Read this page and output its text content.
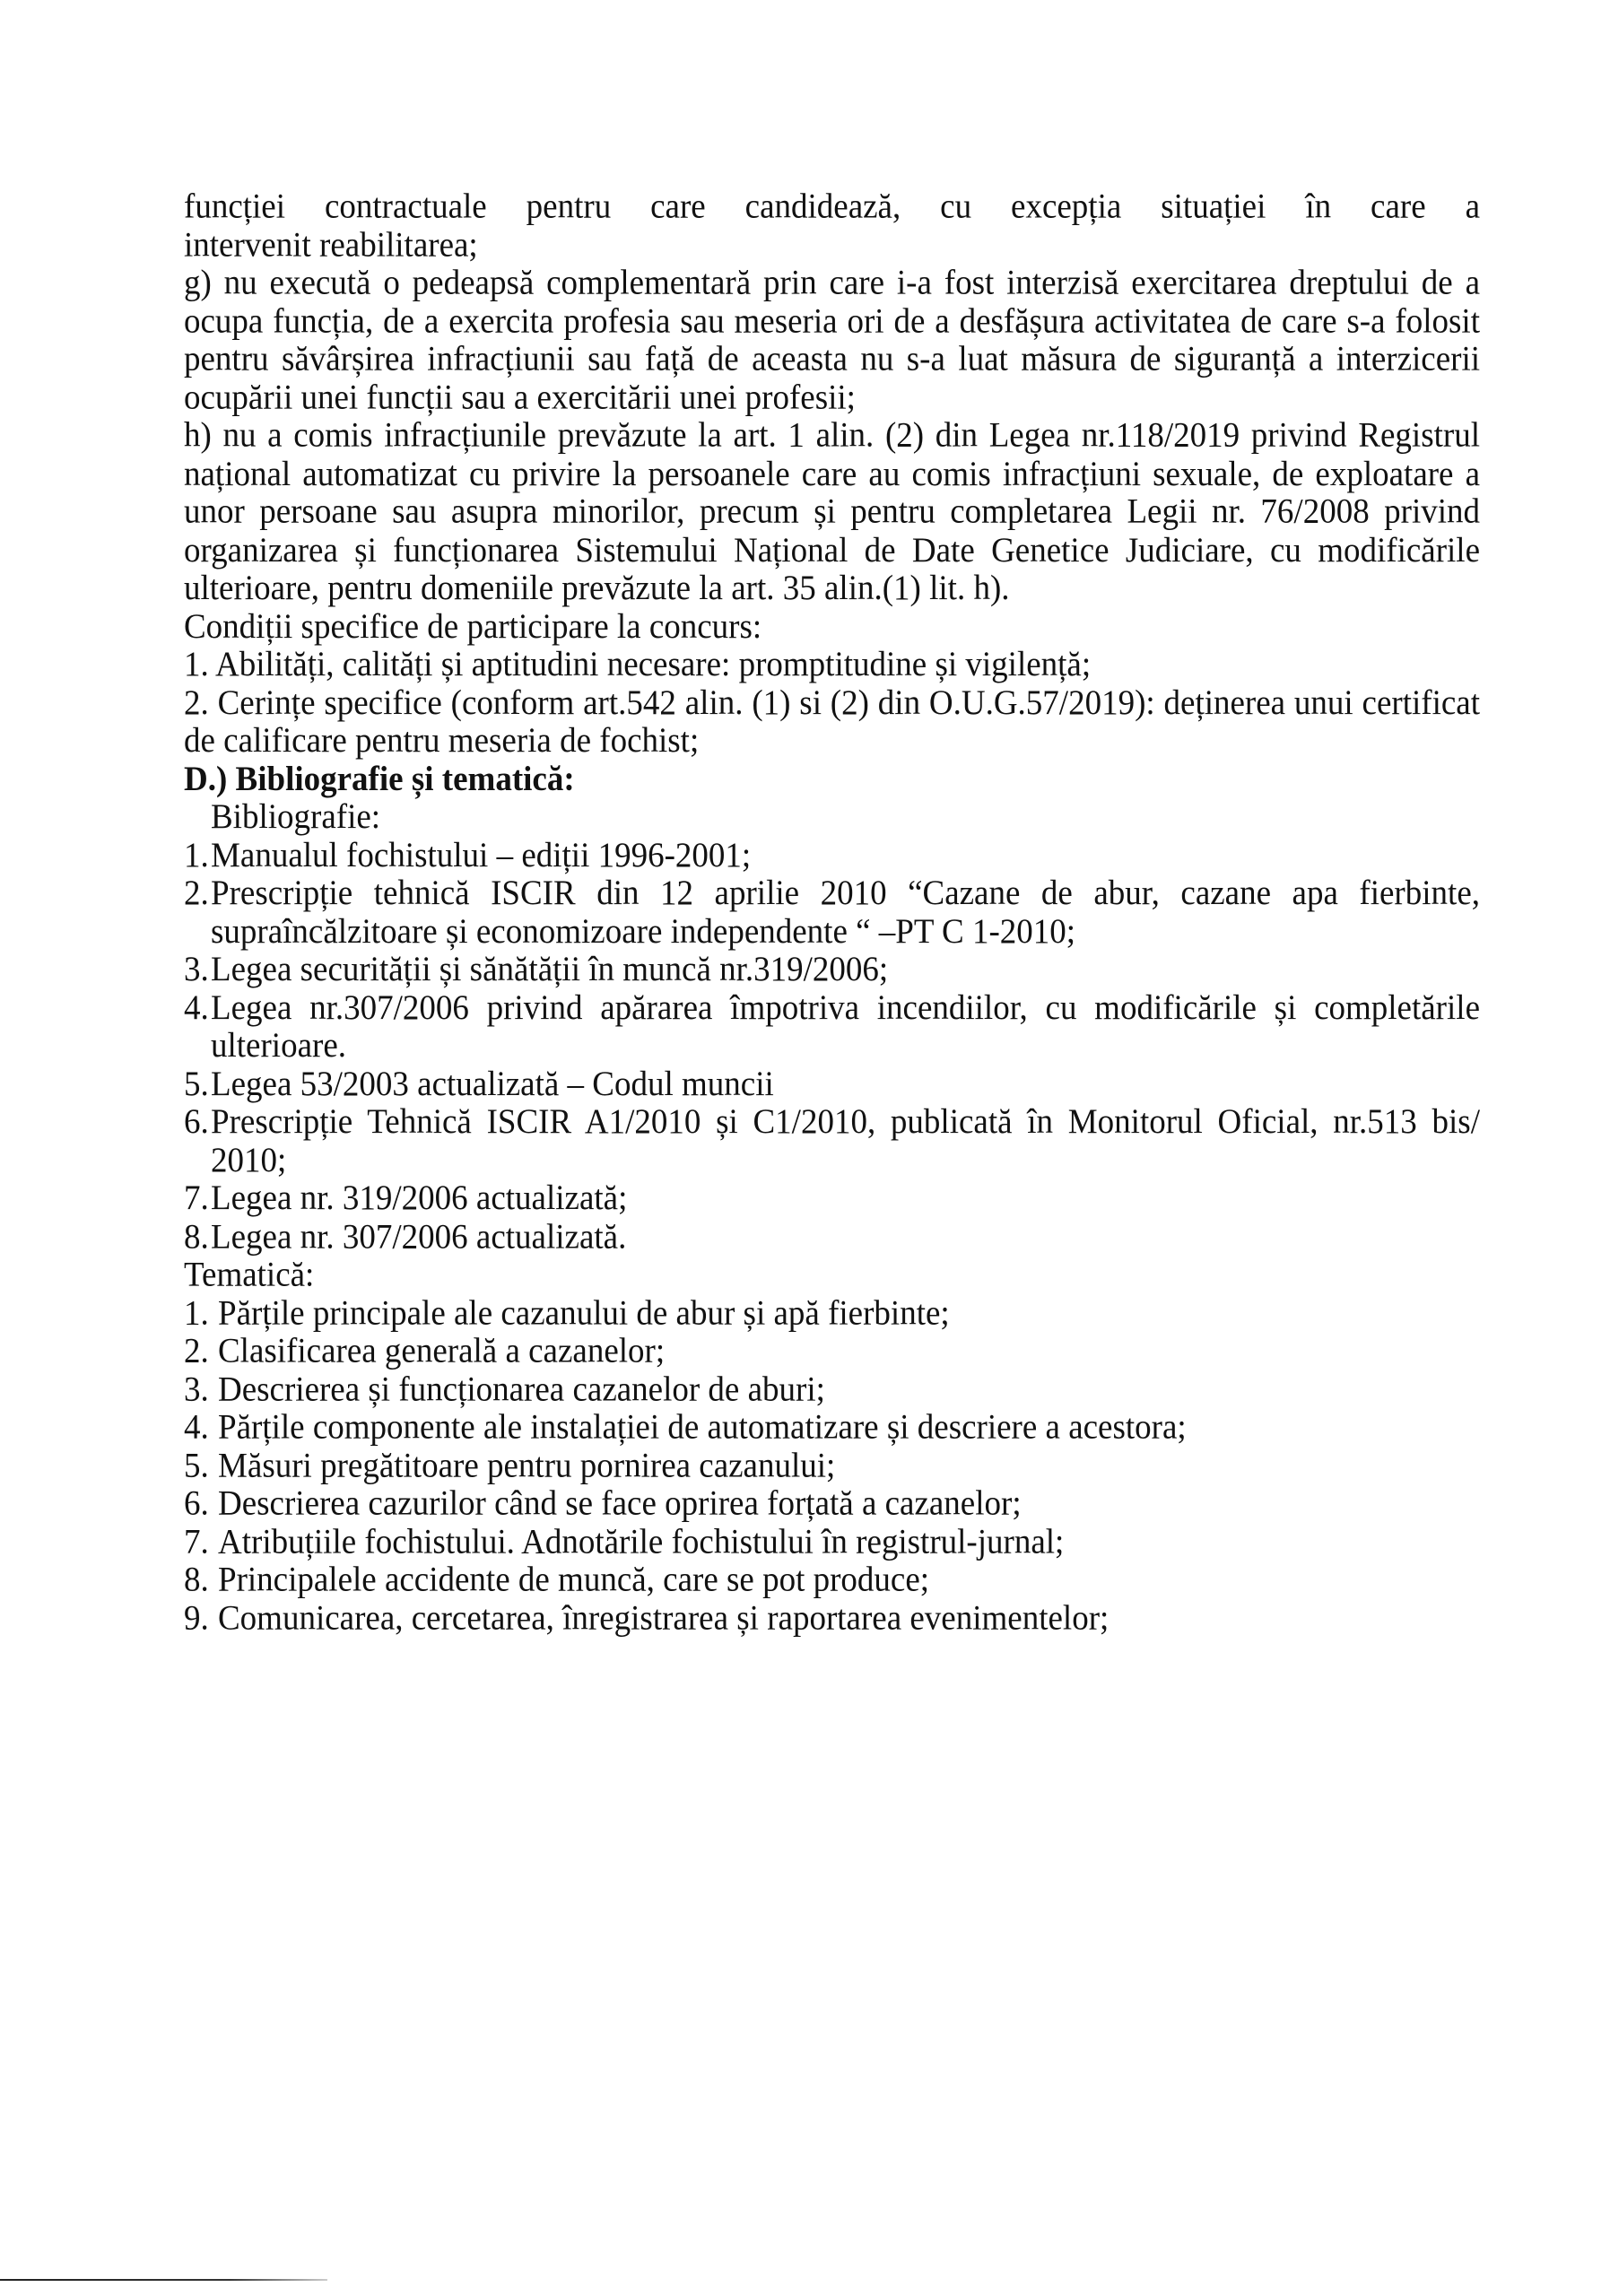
funcției contractuale pentru care candidează, cu excepția situației în care a

intervenit reabilitarea;

g) nu execută o pedeapsă complementară prin care i-a fost interzisă exercitarea dreptului de a ocupa funcția, de a exercita profesia sau meseria ori de a desfășura activitatea de care s-a folosit pentru săvârșirea infracțiunii sau față de aceasta nu s-a luat măsura de siguranță a interzicerii ocupării unei funcții sau a exercitării unei profesii;

h) nu a comis infracțiunile prevăzute la art. 1 alin. (2) din Legea nr.118/2019 privind Registrul național automatizat cu privire la persoanele care au comis infracțiuni sexuale, de exploatare a unor persoane sau asupra minorilor, precum și pentru completarea Legii nr. 76/2008 privind organizarea și funcționarea Sistemului Național de Date Genetice Judiciare, cu modificările ulterioare, pentru domeniile prevăzute la art. 35 alin.(1) lit. h).

Condiții specifice de participare la concurs:

1. Abilități, calități și aptitudini necesare: promptitudine și vigilență;

2. Cerințe specifice (conform art.542 alin. (1) si (2) din O.U.G.57/2019): deținerea unui certificat de calificare pentru meseria de fochist;

D.) Bibliografie și tematică:

Bibliografie:

1. Manualul fochistului – ediții 1996-2001;
2. Prescripție tehnică ISCIR din 12 aprilie 2010 “Cazane de abur, cazane apa fierbinte, supraîncălzitoare și economizoare independente “ –PT C 1-2010;
3. Legea securității și sănătății în muncă nr.319/2006;
4. Legea nr.307/2006 privind apărarea împotriva incendiilor, cu modificările și completările ulterioare.
5. Legea 53/2003 actualizată – Codul muncii
6. Prescripție Tehnică ISCIR A1/2010 și C1/2010, publicată în Monitorul Oficial, nr.513 bis/ 2010;
7. Legea nr. 319/2006 actualizată;
8. Legea nr. 307/2006 actualizată.

Tematică:

1. Părțile principale ale cazanului de abur și apă fierbinte;
2. Clasificarea generală a cazanelor;
3. Descrierea și funcționarea cazanelor de aburi;
4. Părțile componente ale instalației de automatizare și descriere a acestora;
5. Măsuri pregătitoare pentru pornirea cazanului;
6. Descrierea cazurilor când se face oprirea forțată a cazanelor;
7. Atribuțiile fochistului. Adnotările fochistului în registrul-jurnal;
8. Principalele accidente de muncă, care se pot produce;
9. Comunicarea, cercetarea, înregistrarea și raportarea evenimentelor;
